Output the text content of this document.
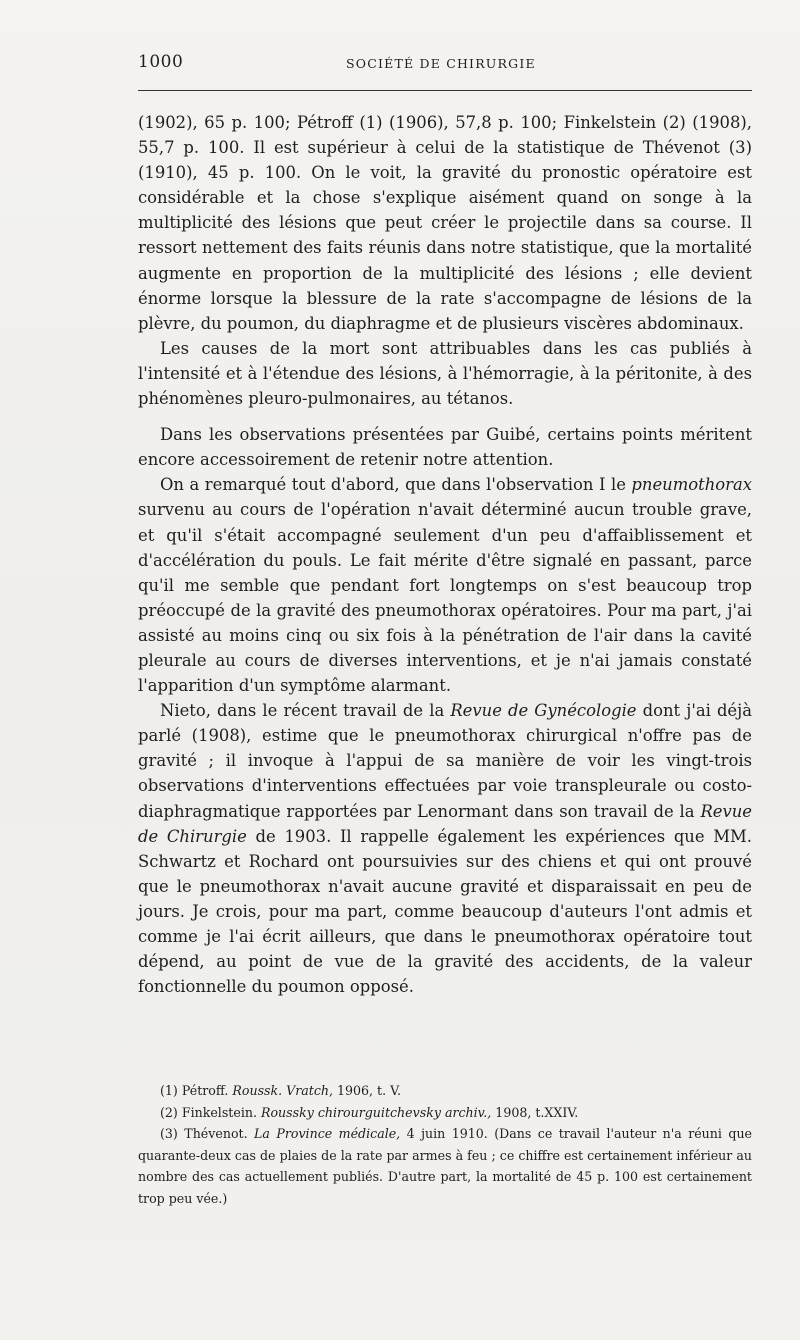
1000	SOCIÉTÉ DE CHIRURGIE

(1902), 65 p. 100; Pétroff (1) (1906), 57,8 p. 100; Finkelstein (2) (1908), 55,7 p. 100. Il est supérieur à celui de la statistique de Thévenot (3) (1910), 45 p. 100. On le voit, la gravité du pronostic opératoire est considérable et la chose s'explique aisément quand on songe à la multiplicité des lésions que peut créer le projectile dans sa course. Il ressort nettement des faits réunis dans notre statistique, que la mortalité augmente en proportion de la multiplicité des lésions ; elle devient énorme lorsque la blessure de la rate s'accompagne de lésions de la plèvre, du poumon, du diaphragme et de plusieurs viscères abdominaux.

Les causes de la mort sont attribuables dans les cas publiés à l'intensité et à l'étendue des lésions, à l'hémorragie, à la péritonite, à des phénomènes pleuro-pulmonaires, au tétanos.

Dans les observations présentées par Guibé, certains points méritent encore accessoirement de retenir notre attention.

On a remarqué tout d'abord, que dans l'observation I le pneumothorax survenu au cours de l'opération n'avait déterminé aucun trouble grave, et qu'il s'était accompagné seulement d'un peu d'affaiblissement et d'accélération du pouls. Le fait mérite d'être signalé en passant, parce qu'il me semble que pendant fort longtemps on s'est beaucoup trop préoccupé de la gravité des pneumothorax opératoires. Pour ma part, j'ai assisté au moins cinq ou six fois à la pénétration de l'air dans la cavité pleurale au cours de diverses interventions, et je n'ai jamais constaté l'apparition d'un symptôme alarmant.

Nieto, dans le récent travail de la Revue de Gynécologie dont j'ai déjà parlé (1908), estime que le pneumothorax chirurgical n'offre pas de gravité ; il invoque à l'appui de sa manière de voir les vingt-trois observations d'interventions effectuées par voie transpleurale ou costo-diaphragmatique rapportées par Lenormant dans son travail de la Revue de Chirurgie de 1903. Il rappelle également les expériences que MM. Schwartz et Rochard ont poursuivies sur des chiens et qui ont prouvé que le pneumothorax n'avait aucune gravité et disparaissait en peu de jours. Je crois, pour ma part, comme beaucoup d'auteurs l'ont admis et comme je l'ai écrit ailleurs, que dans le pneumothorax opératoire tout dépend, au point de vue de la gravité des accidents, de la valeur fonctionnelle du poumon opposé.

(1) Pétroff. Roussk. Vratch, 1906, t. V.

(2) Finkelstein. Roussky chirourguitchevsky archiv., 1908, t.XXIV.

(3) Thévenot. La Province médicale, 4 juin 1910. (Dans ce travail l'auteur n'a réuni que quarante-deux cas de plaies de la rate par armes à feu ; ce chiffre est certainement inférieur au nombre des cas actuellement publiés. D'autre part, la mortalité de 45 p. 100 est certainement trop peu vée.)
